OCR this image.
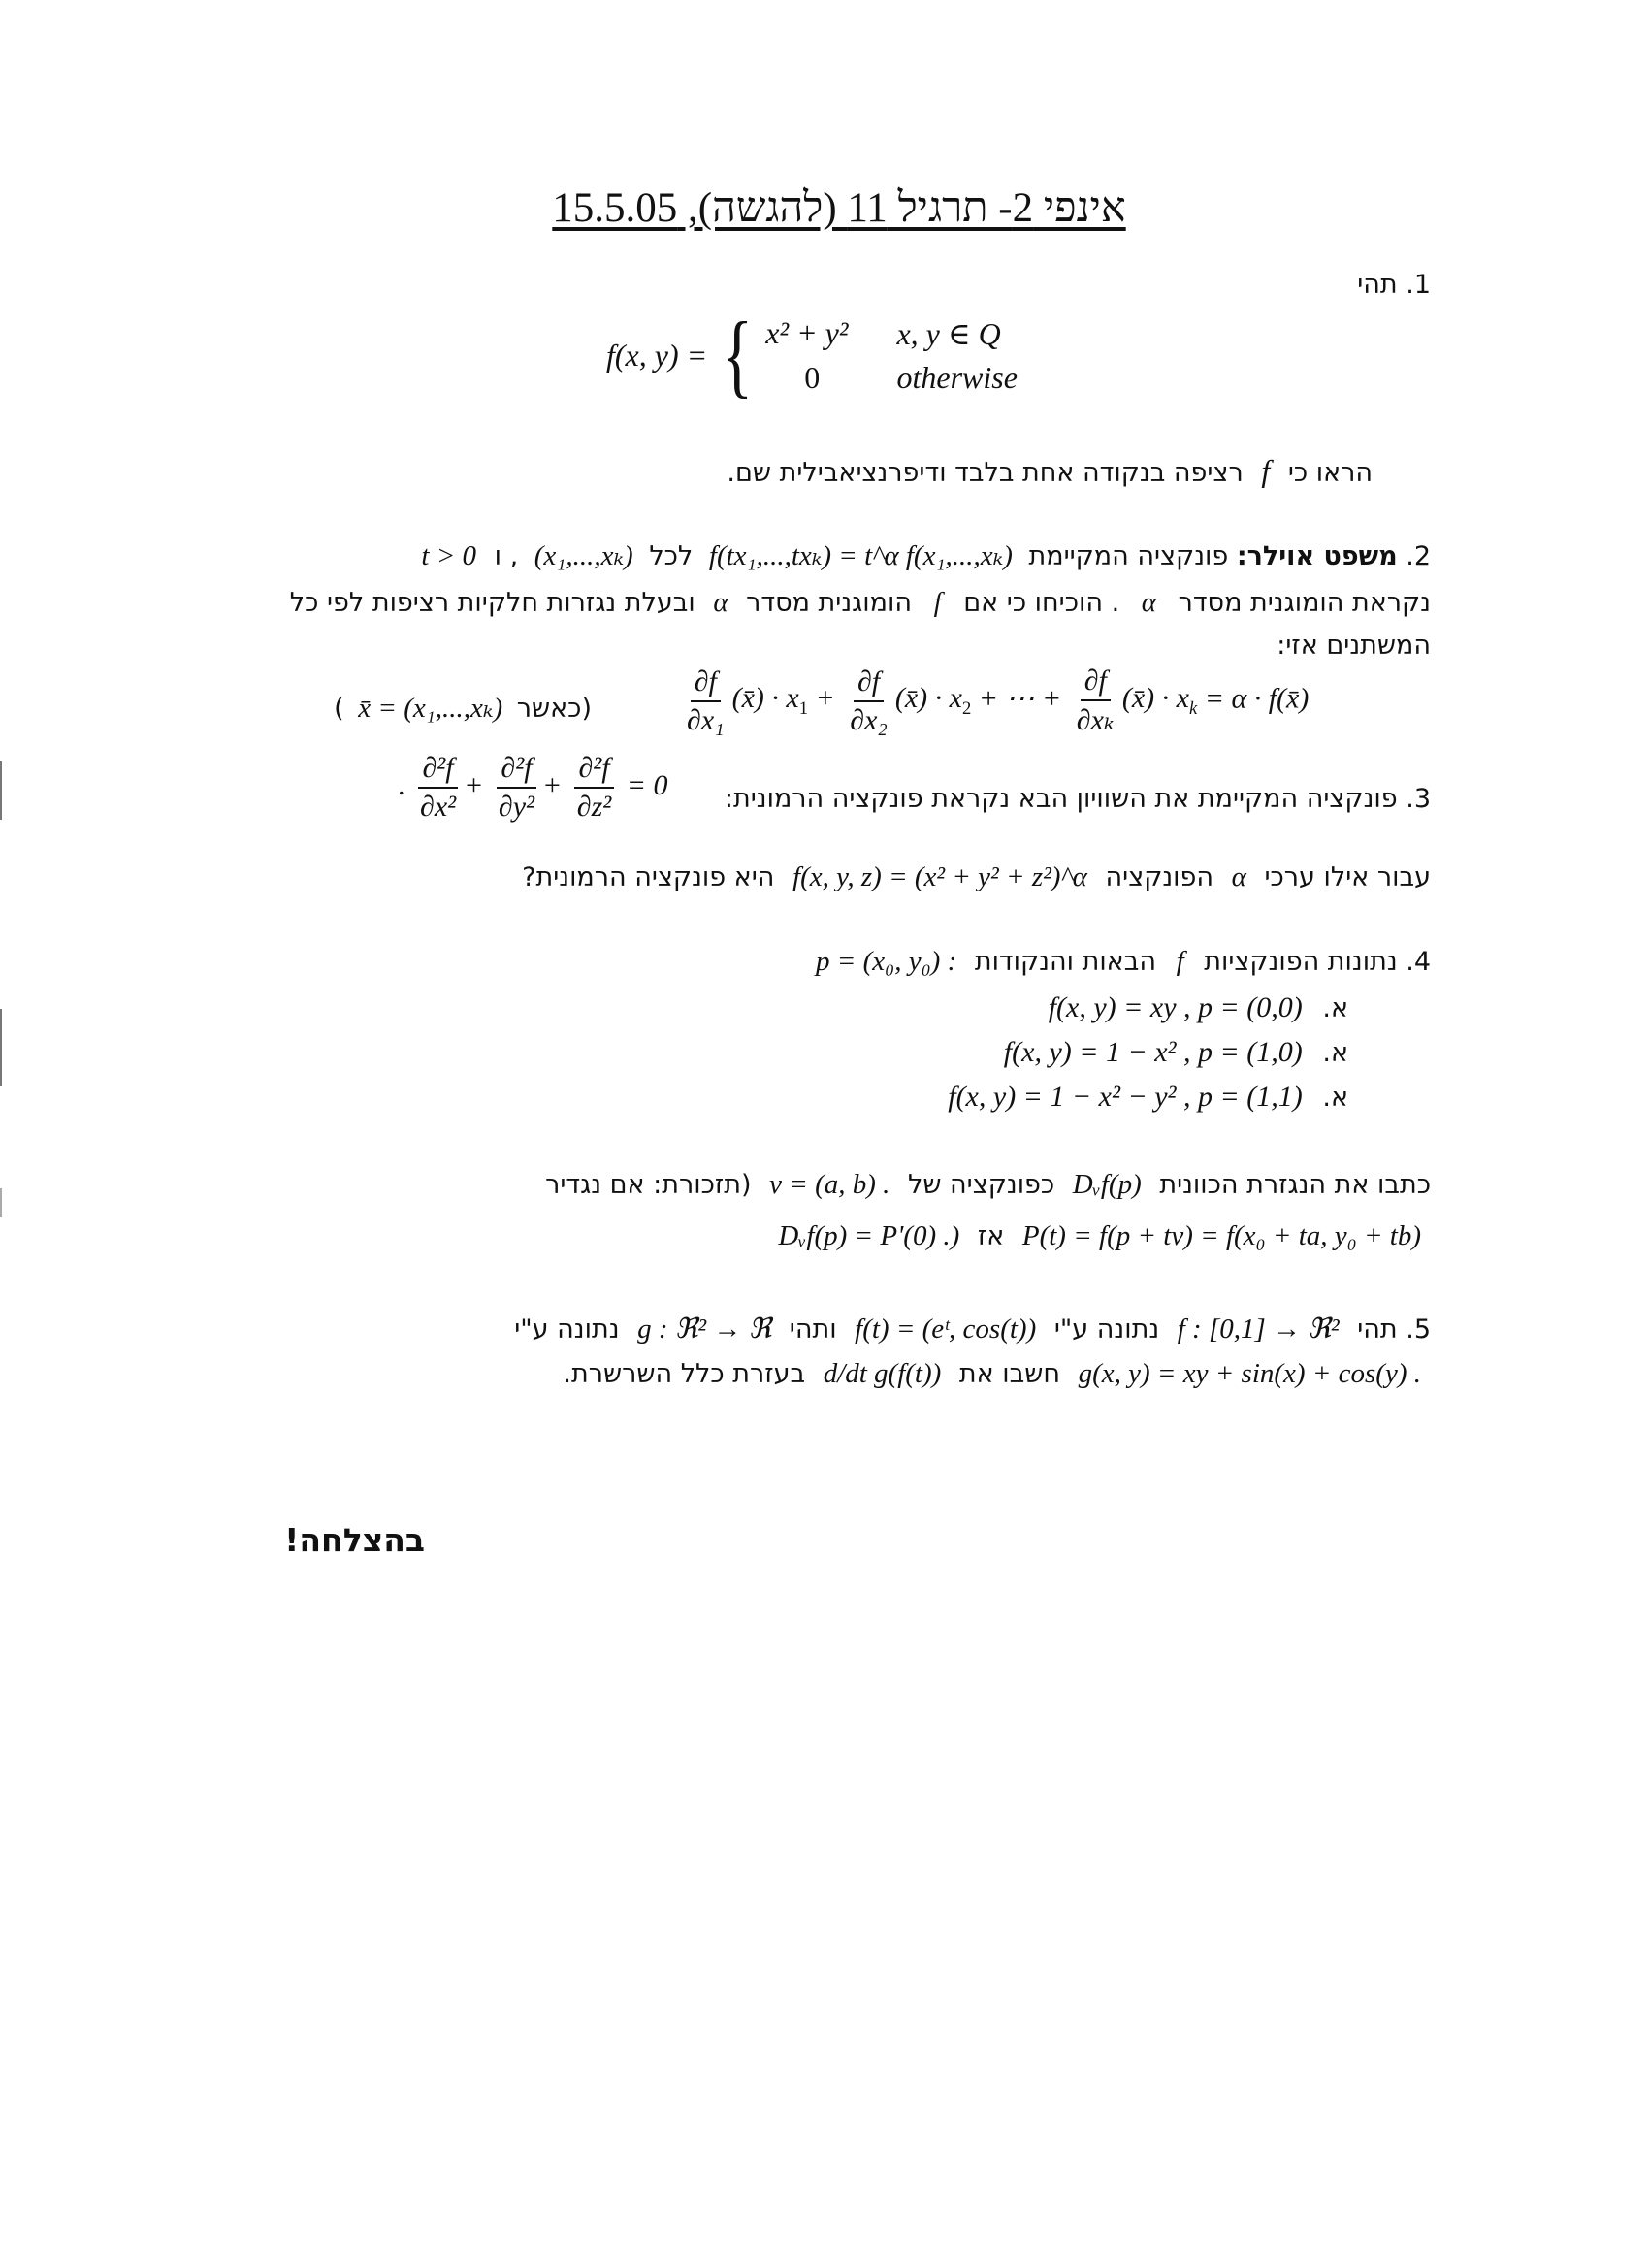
אינפי 2- תרגיל 11 (להגשה), 15.5.05
1. תהי
f(x, y) = { x² + y² x, y ∈ Q
0	otherwise
הראו כי f רציפה בנקודה אחת בלבד ודיפרנציאבילית שם.
2. משפט אוילר: פונקציה המקיימת f(tx₁,...,txₖ) = t^α f(x₁,...,xₖ) לכל (x₁,...,xₖ) , ו t > 0
נקראת הומוגנית מסדר α . הוכיחו כי אם f הומוגנית מסדר α ובעלת נגזרות חלקיות רציפות לפי כל
המשתנים אזי:
(כאשר x̄ = (x₁,...,xₖ) )	$\frac{\partial f}{\text{∂x₁}}$ (x̄) · $x_1 + \frac{\partial f}{\text{∂x₂}}$ (x̄) · $x_2$ + ⋯ + $\frac{\partial f}{\text{∂xₖ}}$ (x̄) · $x_k = \alpha$ · f(x̄)
3. פונקציה המקיימת את השוויון הבא נקראת פונקציה הרמונית:
. $\frac{\text{∂²f}}{\text{∂x²}} + \frac{\text{∂²f}}{\text{∂y²}} + \frac{\text{∂²f}}{\text{∂z²}} = 0$
עבור אילו ערכי α הפונקציה f(x, y, z) = (x² + y² + z²)^α היא פונקציה הרמונית?
4. נתונות הפונקציות f הבאות והנקודות p = (x₀, y₀) :
א. f(x, y) = xy , p = (0,0)
א. f(x, y) = 1 − x² , p = (1,0)
א. f(x, y) = 1 − x² − y² , p = (1,1)
כתבו את הנגזרת הכוונית Dᵥf(p) כפונקציה של v = (a, b) . (תזכורת: אם נגדיר
P(t) = f(p + tv) = f(x₀ + ta, y₀ + tb) אז Dᵥf(p) = P'(0) .)
5. תהי f : [0,1] → ℜ² נתונה ע"י f(t) = (eᵗ, cos(t)) ותהי g : ℜ² → ℜ נתונה ע"י
g(x, y) = xy + sin(x) + cos(y) . חשבו את d/dt g(f(t)) בעזרת כלל השרשרת.
בהצלחה!
